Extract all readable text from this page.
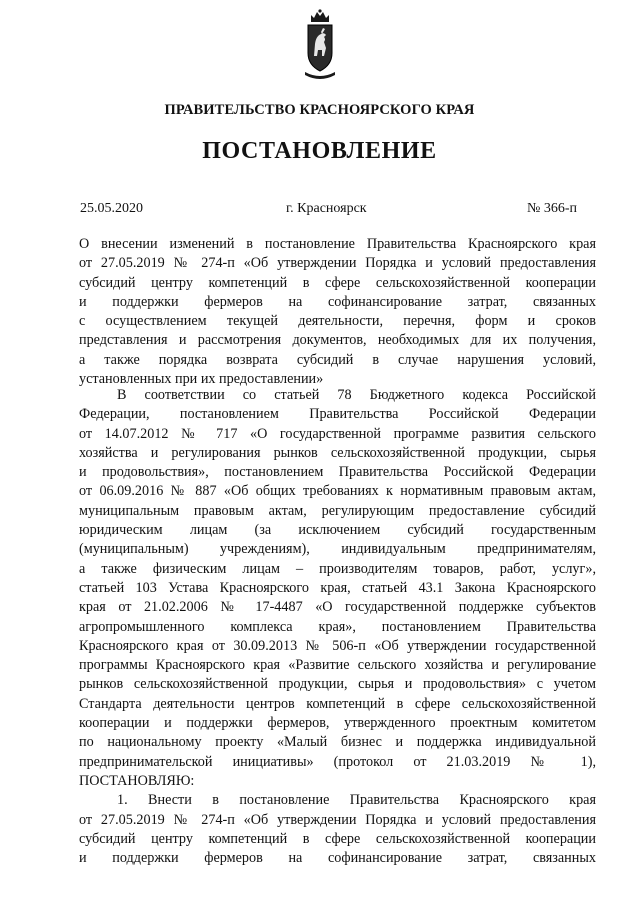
ПРАВИТЕЛЬСТВО КРАСНОЯРСКОГО КРАЯ
ПОСТАНОВЛЕНИЕ
25.05.2020	г. Красноярск	№ 366-п
О внесении изменений в постановление Правительства Красноярского края
от 27.05.2019 № 274-п «Об утверждении Порядка и условий предоставления
субсидий центру компетенций в сфере сельскохозяйственной кооперации
и поддержки фермеров на софинансирование затрат, связанных
с осуществлением текущей деятельности, перечня, форм и сроков
представления и рассмотрения документов, необходимых для их получения,
а также порядка возврата субсидий в случае нарушения условий,
установленных при их предоставлении»
В соответствии со статьей 78 Бюджетного кодекса Российской
Федерации, постановлением Правительства Российской Федерации
от 14.07.2012 № 717 «О государственной программе развития сельского
хозяйства и регулирования рынков сельскохозяйственной продукции, сырья
и продовольствия», постановлением Правительства Российской Федерации
от 06.09.2016 № 887 «Об общих требованиях к нормативным правовым актам,
муниципальным правовым актам, регулирующим предоставление субсидий
юридическим лицам (за исключением субсидий государственным
(муниципальным) учреждениям), индивидуальным предпринимателям,
а также физическим лицам – производителям товаров, работ, услуг»,
статьей 103 Устава Красноярского края, статьей 43.1 Закона Красноярского
края от 21.02.2006 № 17-4487 «О государственной поддержке субъектов
агропромышленного комплекса края», постановлением Правительства
Красноярского края от 30.09.2013 № 506-п «Об утверждении государственной
программы Красноярского края «Развитие сельского хозяйства и регулирование
рынков сельскохозяйственной продукции, сырья и продовольствия» с учетом
Стандарта деятельности центров компетенций в сфере сельскохозяйственной
кооперации и поддержки фермеров, утвержденного проектным комитетом
по национальному проекту «Малый бизнес и поддержка индивидуальной
предпринимательской инициативы» (протокол от 21.03.2019 № 1),
ПОСТАНОВЛЯЮ:
1. Внести в постановление Правительства Красноярского края
от 27.05.2019 № 274-п «Об утверждении Порядка и условий предоставления
субсидий центру компетенций в сфере сельскохозяйственной кооперации
и поддержки фермеров на софинансирование затрат, связанных
